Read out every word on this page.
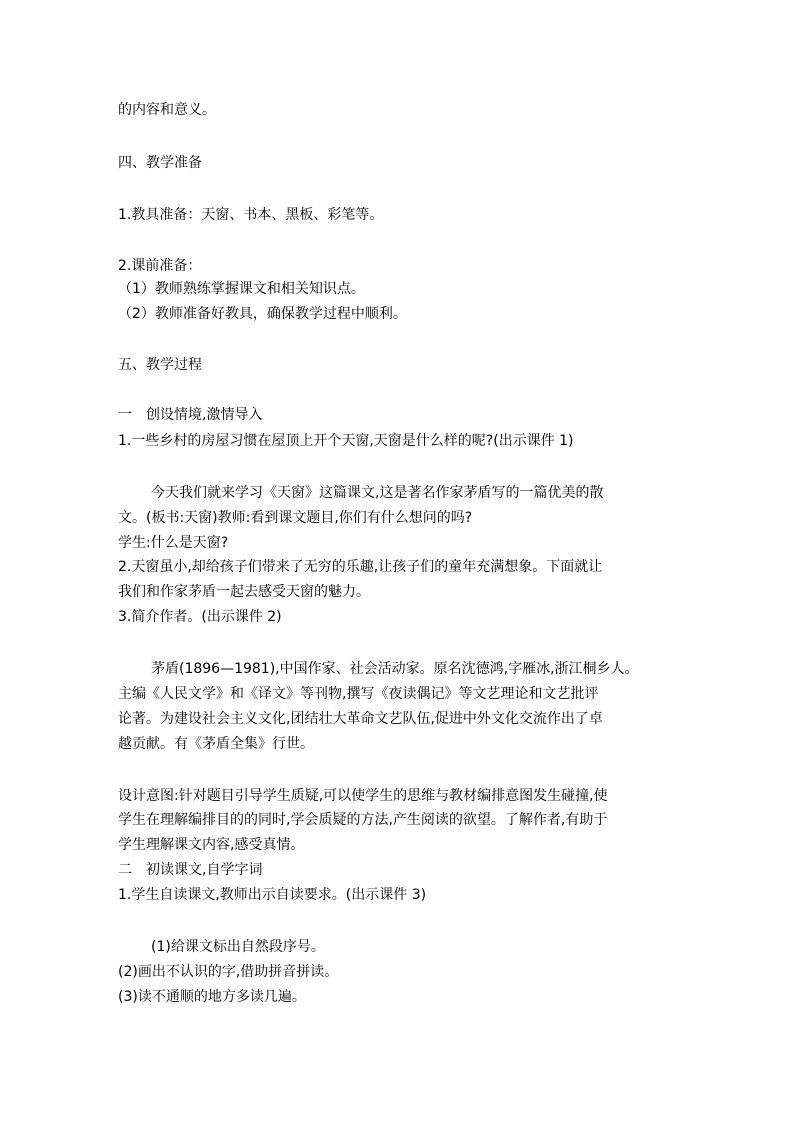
的内容和意义。
四、教学准备
1.教具准备：天窗、书本、黑板、彩笔等。
2.课前准备：
（1）教师熟练掌握课文和相关知识点。
（2）教师准备好教具，确保教学过程中顺利。
五、教学过程
一　创设情境,激情导入
1.一些乡村的房屋习惯在屋顶上开个天窗,天窗是什么样的呢?(出示课件 1)
今天我们就来学习《天窗》这篇课文,这是著名作家茅盾写的一篇优美的散
文。(板书:天窗)教师:看到课文题目,你们有什么想问的吗?
学生:什么是天窗?
2.天窗虽小,却给孩子们带来了无穷的乐趣,让孩子们的童年充满想象。下面就让
我们和作家茅盾一起去感受天窗的魅力。
3.简介作者。(出示课件 2)
茅盾(1896—1981),中国作家、社会活动家。原名沈德鸿,字雁冰,浙江桐乡人。
主编《人民文学》和《译文》等刊物,撰写《夜读偶记》等文艺理论和文艺批评
论著。为建设社会主义文化,团结壮大革命文艺队伍,促进中外文化交流作出了卓
越贡献。有《茅盾全集》行世。
设计意图:针对题目引导学生质疑,可以使学生的思维与教材编排意图发生碰撞,使
学生在理解编排目的的同时,学会质疑的方法,产生阅读的欲望。了解作者,有助于
学生理解课文内容,感受真情。
二　初读课文,自学字词
1.学生自读课文,教师出示自读要求。(出示课件 3)
(1)给课文标出自然段序号。
(2)画出不认识的字,借助拼音拼读。
(3)读不通顺的地方多读几遍。
